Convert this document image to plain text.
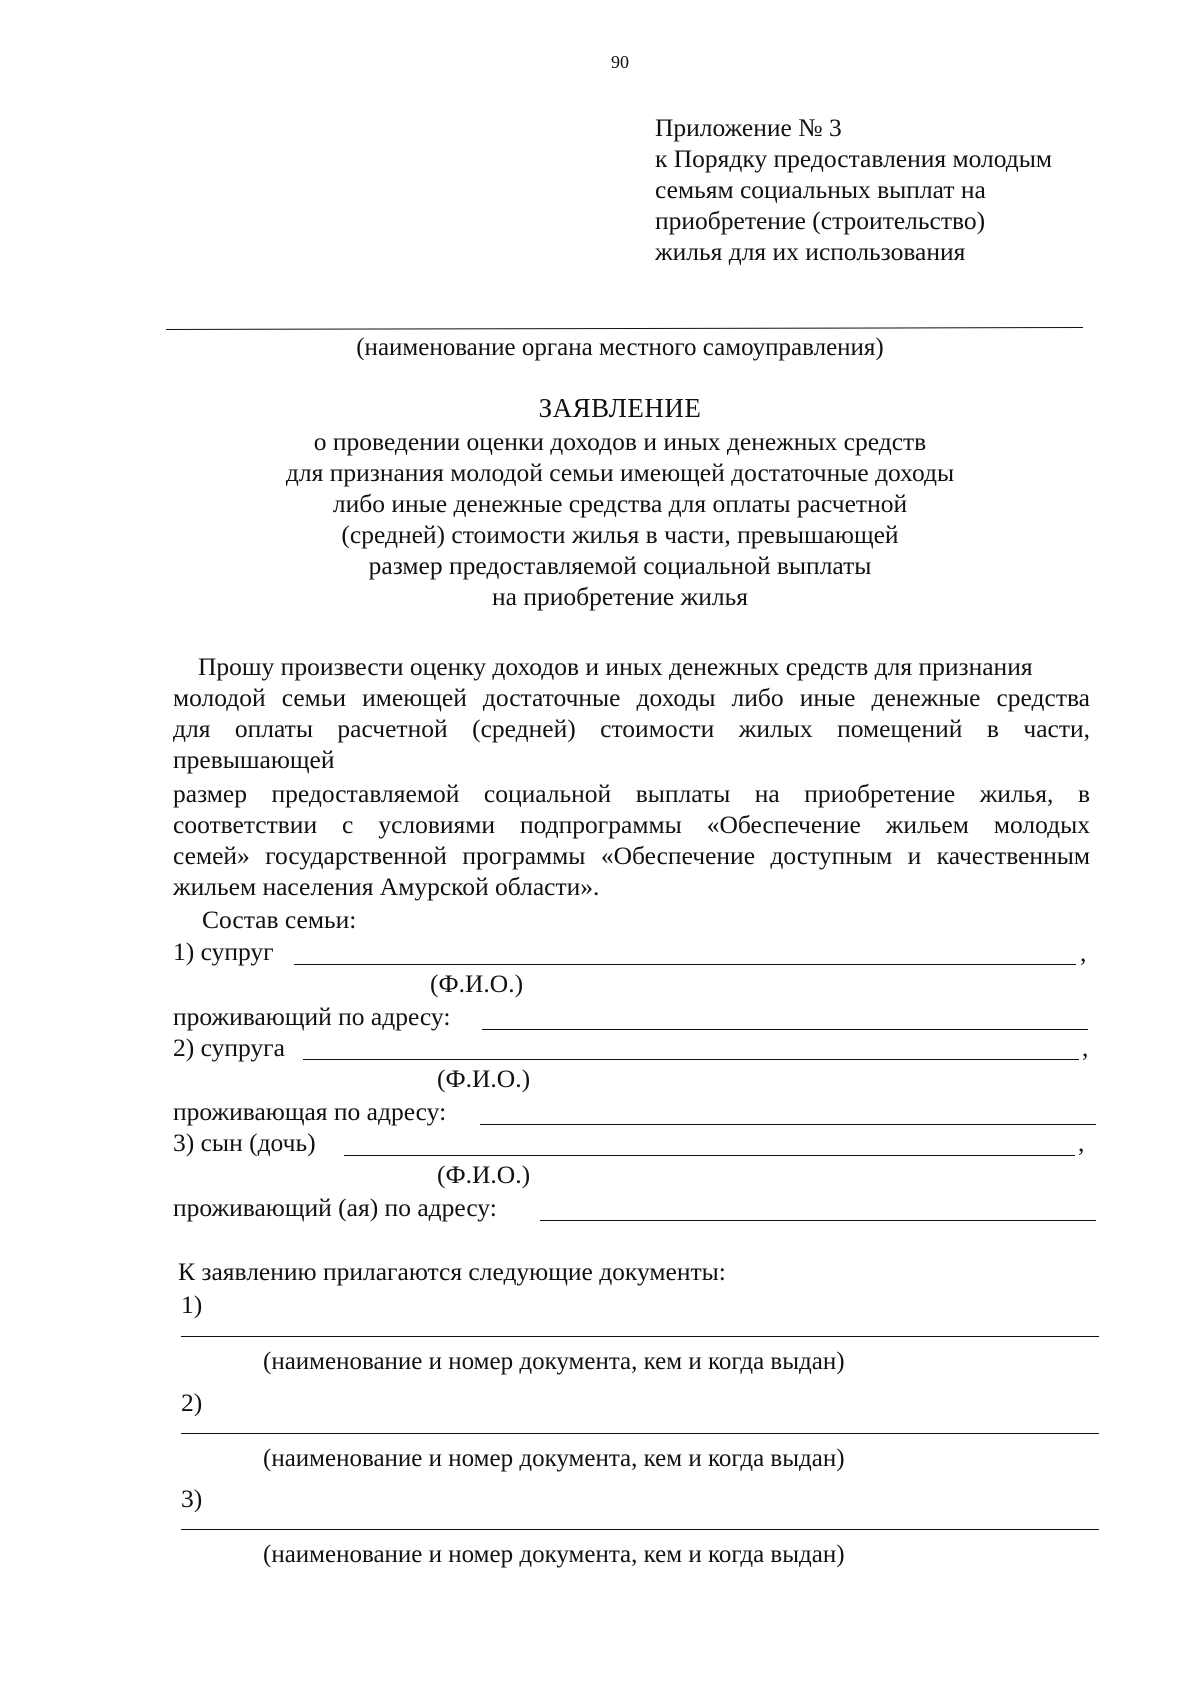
90
Приложение № 3
к Порядку предоставления молодым
семьям социальных выплат на
приобретение (строительство)
жилья для их использования
(наименование органа местного самоуправления)
ЗАЯВЛЕНИЕ
о проведении оценки доходов и иных денежных средств
для признания молодой семьи имеющей достаточные доходы
либо иные денежные средства для оплаты расчетной
(средней) стоимости жилья в части, превышающей
размер предоставляемой социальной выплаты
на приобретение жилья
Прошу произвести оценку доходов и иных денежных средств для признания
молодой семьи имеющей достаточные доходы либо иные денежные средства
для оплаты расчетной (средней) стоимости жилых помещений в части,
превышающей
размер предоставляемой социальной выплаты на приобретение жилья, в
соответствии с условиями подпрограммы «Обеспечение жильем молодых
семей» государственной программы «Обеспечение доступным и качественным
жильем населения Амурской области».
Состав семьи:
1) супруг	,
(Ф.И.О.)
проживающий по адресу:
2) супруга	,
(Ф.И.О.)
проживающая по адресу:
3) сын (дочь)	,
(Ф.И.О.)
проживающий (ая) по адресу:
К заявлению прилагаются следующие документы:
1)
(наименование и номер документа, кем и когда выдан)
2)
(наименование и номер документа, кем и когда выдан)
3)
(наименование и номер документа, кем и когда выдан)
